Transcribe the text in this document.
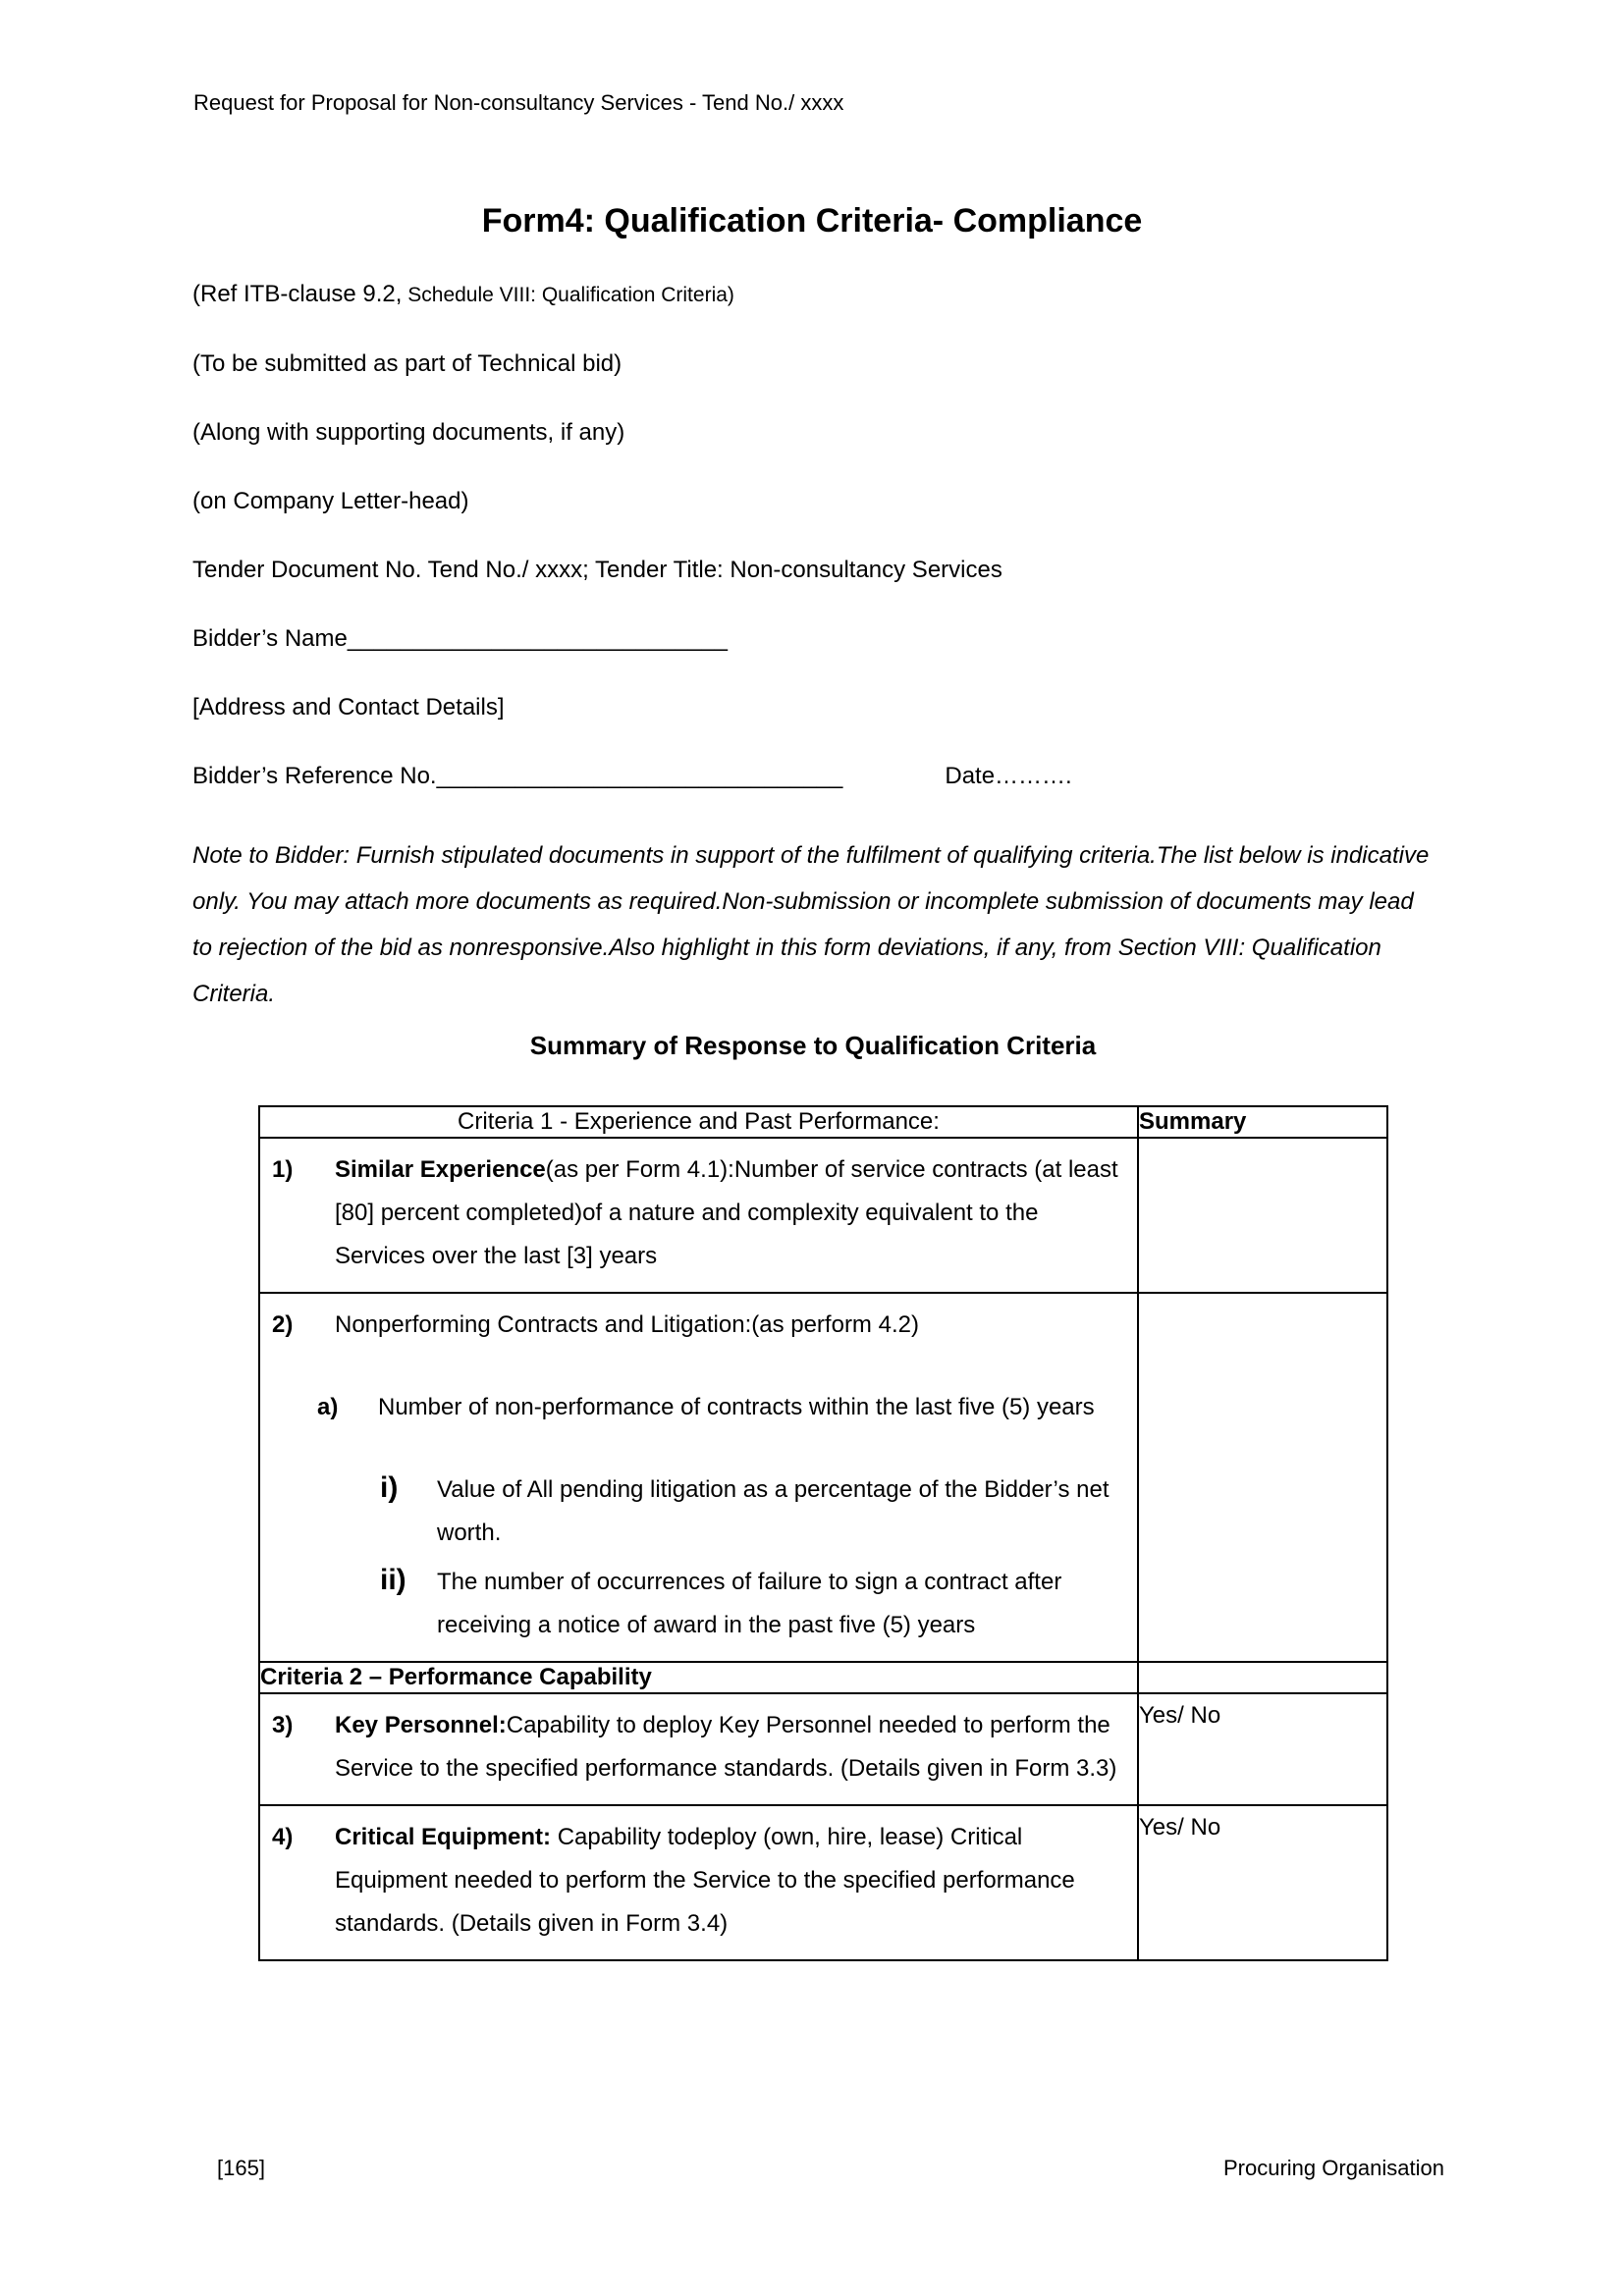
Request for Proposal for Non-consultancy Services - Tend No./ xxxx
Form4: Qualification Criteria- Compliance

(Ref ITB-clause 9.2, Schedule VIII: Qualification Criteria)

(To be submitted as part of Technical bid)

(Along with supporting documents, if any)

(on Company Letter-head)

Tender Document No. Tend No./ xxxx; Tender Title: Non-consultancy Services

Bidder’s Name_____________________________

[Address and Contact Details]

Bidder’s Reference No._______________________________	Date……….

Note to Bidder: Furnish stipulated documents in support of the fulfilment of qualifying criteria.The list below is indicative only. You may attach more documents as required.Non-submission or incomplete submission of documents may lead to rejection of the bid as nonresponsive.Also highlight in this form deviations, if any, from Section VIII: Qualification Criteria.

Summary of Response to Qualification Criteria
Criteria 1 - Experience and Past Performance:	Summary

1) Similar Experience(as per Form 4.1):Number of service contracts (at least [80] percent completed)of a nature and complexity equivalent to the Services over the last [3] years	

2)	Nonperforming Contracts and Litigation:(as perform 4.2)
a)	Number of non-performance of contracts within the last five (5) years
i)	Value of All pending litigation as a percentage of the Bidder’s net worth.
ii)	The number of occurrences of failure to sign a contract after receiving a notice of award in the past five (5) years

Criteria 2 – Performance Capability	

3) Key Personnel:Capability to deploy Key Personnel needed to perform the Service to the specified performance standards. (Details given in Form 3.3)	Yes/ No

4) Critical Equipment: Capability todeploy (own, hire, lease) Critical Equipment needed to perform the Service to the specified performance standards. (Details given in Form 3.4)	Yes/ No
[165]	Procuring Organisation
